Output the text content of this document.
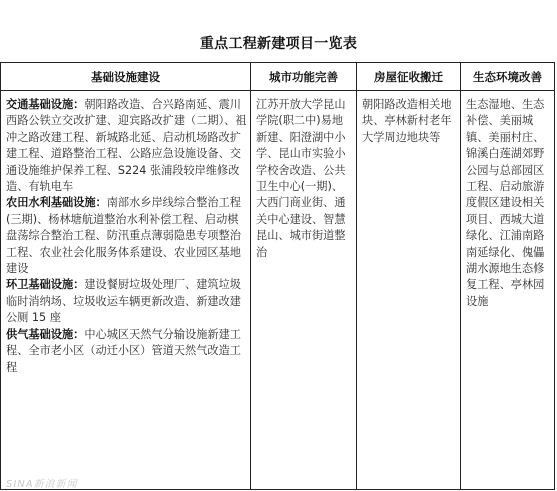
重点工程新建项目一览表
基础设施建设	城市功能完善	房屋征收搬迁	生态环境改善

交通基础设施：朝阳路改造、合兴路南延、震川西路公铁立交改扩建、迎宾路改扩建（二期）、祖冲之路改建工程、新城路北延、启动机场路改扩建工程、道路整治工程、公路应急设施设备、交通设施维护保养工程、S224 张浦段较岸维修改造、有轨电车
农田水利基础设施：南部水乡岸线综合整治工程(三期)、杨林塘航道整治水利补偿工程、启动棋盘荡综合整治工程、防汛重点薄弱隐患专项整治工程、农业社会化服务体系建设、农业园区基地建设
环卫基础设施：建设餐厨垃圾处理厂、建筑垃圾临时消纳场、垃圾收运车辆更新改造、新建改建公厕 15 座
供气基础设施：中心城区天然气分输设施新建工程、全市老小区（动迁小区）管道天然气改造工程	江苏开放大学昆山学院(职二中)易地新建、阳澄湖中小学、昆山市实验小学校舍改造、公共卫生中心(一期)、大西门商业街、通关中心建设、智慧昆山、城市街道整治	朝阳路改造相关地块、亭林新村老年大学周边地块等	生态湿地、生态补偿、美丽城镇、美丽村庄、锦溪白莲湖郊野公园与总部园区工程、启动旅游度假区建设相关项目、西城大道绿化、江浦南路南延绿化、傀儡湖水源地生态修复工程、亭林园设施
SINA新浪新闻
